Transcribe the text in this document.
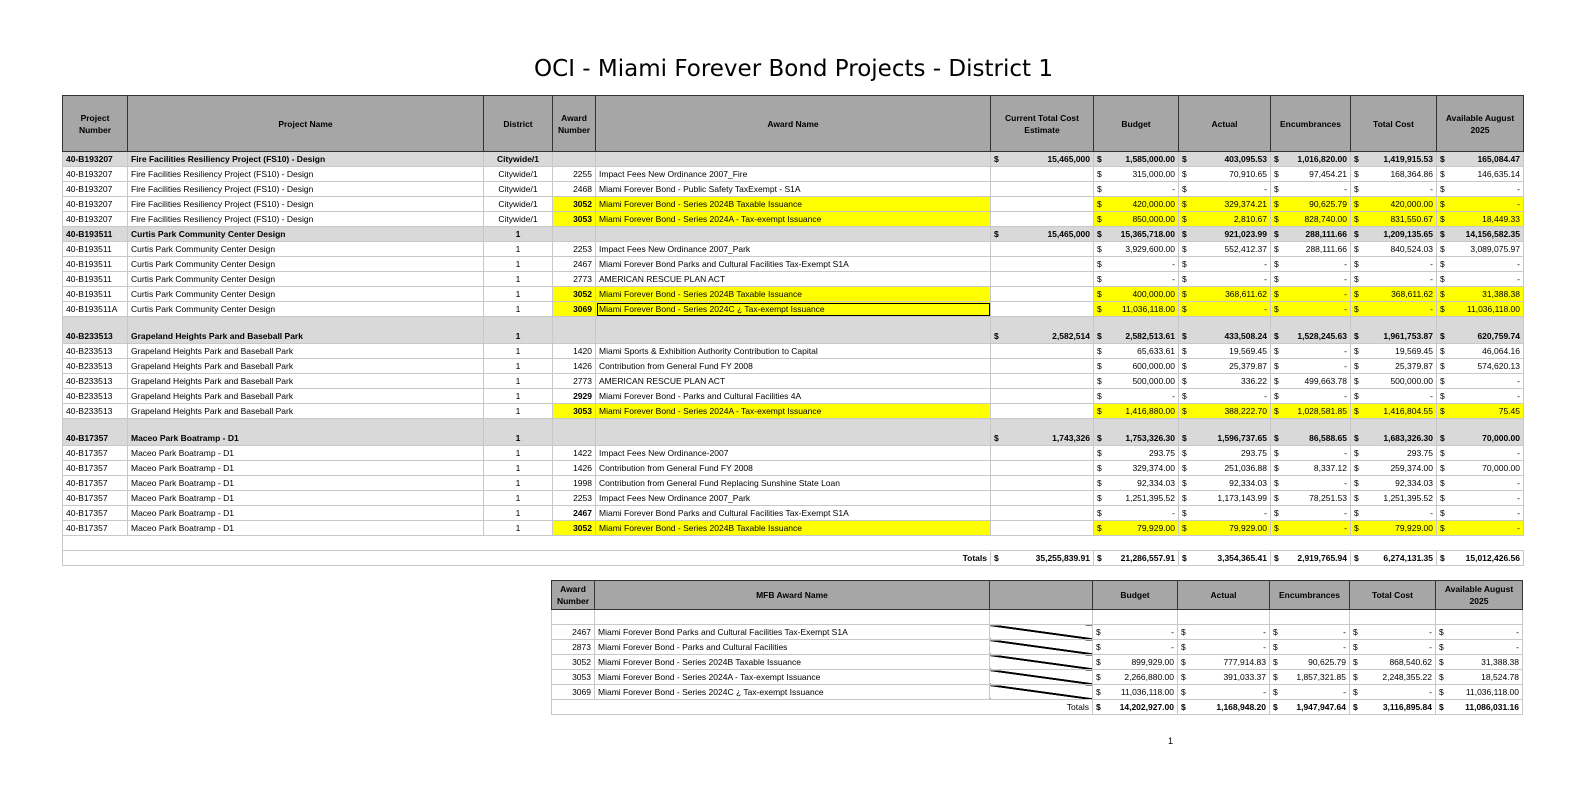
OCI - Miami Forever Bond Projects - District 1
Project Number	Project Name	District	Award Number	Award Name	Current Total Cost Estimate	Budget	Actual	Encumbrances	Total Cost	Available August 2025
40-B193207	Fire Facilities Resiliency Project (FS10) - Design	Citywide/1			$ 15,465,000	$ 1,585,000.00	$ 403,095.53	$ 1,016,820.00	$ 1,419,915.53	$ 165,084.47

40-B193207	Fire Facilities Resiliency Project (FS10) - Design	Citywide/1	2255	Impact Fees New Ordinance 2007_Fire		$ 315,000.00	$ 70,910.65	$ 97,454.21	$ 168,364.86	$ 146,635.14

40-B193207	Fire Facilities Resiliency Project (FS10) - Design	Citywide/1	2468	Miami Forever Bond - Public Safety TaxExempt - S1A		$ -	$ -	$ -	$ -	$ -

40-B193207	Fire Facilities Resiliency Project (FS10) - Design	Citywide/1	3052	Miami Forever Bond - Series 2024B Taxable Issuance		$ 420,000.00	$ 329,374.21	$ 90,625.79	$ 420,000.00	$ -

40-B193207	Fire Facilities Resiliency Project (FS10) - Design	Citywide/1	3053	Miami Forever Bond - Series 2024A - Tax-exempt Issuance		$ 850,000.00	$ 2,810.67	$ 828,740.00	$ 831,550.67	$ 18,449.33

40-B193511	Curtis Park Community Center Design	1			$ 15,465,000	$ 15,365,718.00	$ 921,023.99	$ 288,111.66	$ 1,209,135.65	$ 14,156,582.35

40-B193511	Curtis Park Community Center Design	1	2253	Impact Fees New Ordinance 2007_Park		$ 3,929,600.00	$ 552,412.37	$ 288,111.66	$ 840,524.03	$ 3,089,075.97

40-B193511	Curtis Park Community Center Design	1	2467	Miami Forever Bond Parks and Cultural Facilities Tax-Exempt S1A		$ -	$ -	$ -	$ -	$ -

40-B193511	Curtis Park Community Center Design	1	2773	AMERICAN RESCUE PLAN ACT		$ -	$ -	$ -	$ -	$ -

40-B193511	Curtis Park Community Center Design	1	3052	Miami Forever Bond - Series 2024B Taxable Issuance		$ 400,000.00	$ 368,611.62	$ -	$ 368,611.62	$ 31,388.38

40-B193511A	Curtis Park Community Center Design	1	3069	Miami Forever Bond - Series 2024C ¿ Tax-exempt Issuance		$ 11,036,118.00	$ -	$ -	$ -	$ 11,036,118.00

40-B233513	Grapeland Heights Park and Baseball Park	1			$ 2,582,514	$ 2,582,513.61	$ 433,508.24	$ 1,528,245.63	$ 1,961,753.87	$ 620,759.74

40-B233513	Grapeland Heights Park and Baseball Park	1	1420	Miami Sports & Exhibition Authority Contribution to Capital		$ 65,633.61	$ 19,569.45	$ -	$ 19,569.45	$ 46,064.16

40-B233513	Grapeland Heights Park and Baseball Park	1	1426	Contribution from General Fund FY 2008		$ 600,000.00	$ 25,379.87	$ -	$ 25,379.87	$ 574,620.13

40-B233513	Grapeland Heights Park and Baseball Park	1	2773	AMERICAN RESCUE PLAN ACT		$ 500,000.00	$ 336.22	$ 499,663.78	$ 500,000.00	$ -

40-B233513	Grapeland Heights Park and Baseball Park	1	2929	Miami Forever Bond - Parks and Cultural Facilities 4A		$ -	$ -	$ -	$ -	$ -

40-B233513	Grapeland Heights Park and Baseball Park	1	3053	Miami Forever Bond - Series 2024A - Tax-exempt Issuance		$ 1,416,880.00	$ 388,222.70	$ 1,028,581.85	$ 1,416,804.55	$ 75.45

40-B17357	Maceo Park Boatramp - D1	1			$ 1,743,326	$ 1,753,326.30	$ 1,596,737.65	$ 86,588.65	$ 1,683,326.30	$ 70,000.00

40-B17357	Maceo Park Boatramp - D1	1	1422	Impact Fees New Ordinance-2007		$ 293.75	$ 293.75	$ -	$ 293.75	$ -

40-B17357	Maceo Park Boatramp - D1	1	1426	Contribution from General Fund FY 2008		$ 329,374.00	$ 251,036.88	$ 8,337.12	$ 259,374.00	$ 70,000.00

40-B17357	Maceo Park Boatramp - D1	1	1998	Contribution from General Fund Replacing Sunshine State Loan		$ 92,334.03	$ 92,334.03	$ -	$ 92,334.03	$ -

40-B17357	Maceo Park Boatramp - D1	1	2253	Impact Fees New Ordinance 2007_Park		$ 1,251,395.52	$ 1,173,143.99	$ 78,251.53	$ 1,251,395.52	$ -

40-B17357	Maceo Park Boatramp - D1	1	2467	Miami Forever Bond Parks and Cultural Facilities Tax-Exempt S1A		$ -	$ -	$ -	$ -	$ -

40-B17357	Maceo Park Boatramp - D1	1	3052	Miami Forever Bond - Series 2024B Taxable Issuance		$ 79,929.00	$ 79,929.00	$ -	$ 79,929.00	$ -

Totals					$ 35,255,839.91	$ 21,286,557.91	$ 3,354,365.41	$ 2,919,765.94	$ 6,274,131.35	$ 15,012,426.56
Award Number	MFB Award Name		Budget	Actual	Encumbrances	Total Cost	Available August 2025

2467	Miami Forever Bond Parks and Cultural Facilities Tax-Exempt S1A		$ -	$ -	$ -	$ -	$ -

2873	Miami Forever Bond - Parks and Cultural Facilities		$ -	$ -	$ -	$ -	$ -

3052	Miami Forever Bond - Series 2024B Taxable Issuance		$ 899,929.00	$ 777,914.83	$ 90,625.79	$ 868,540.62	$ 31,388.38

3053	Miami Forever Bond - Series 2024A - Tax-exempt Issuance		$ 2,266,880.00	$ 391,033.37	$ 1,857,321.85	$ 2,248,355.22	$ 18,524.78

3069	Miami Forever Bond - Series 2024C ¿ Tax-exempt Issuance		$ 11,036,118.00	$ -	$ -	$ -	$ 11,036,118.00

Totals			$ 14,202,927.00	$ 1,168,948.20	$ 1,947,947.64	$ 3,116,895.84	$ 11,086,031.16
1
